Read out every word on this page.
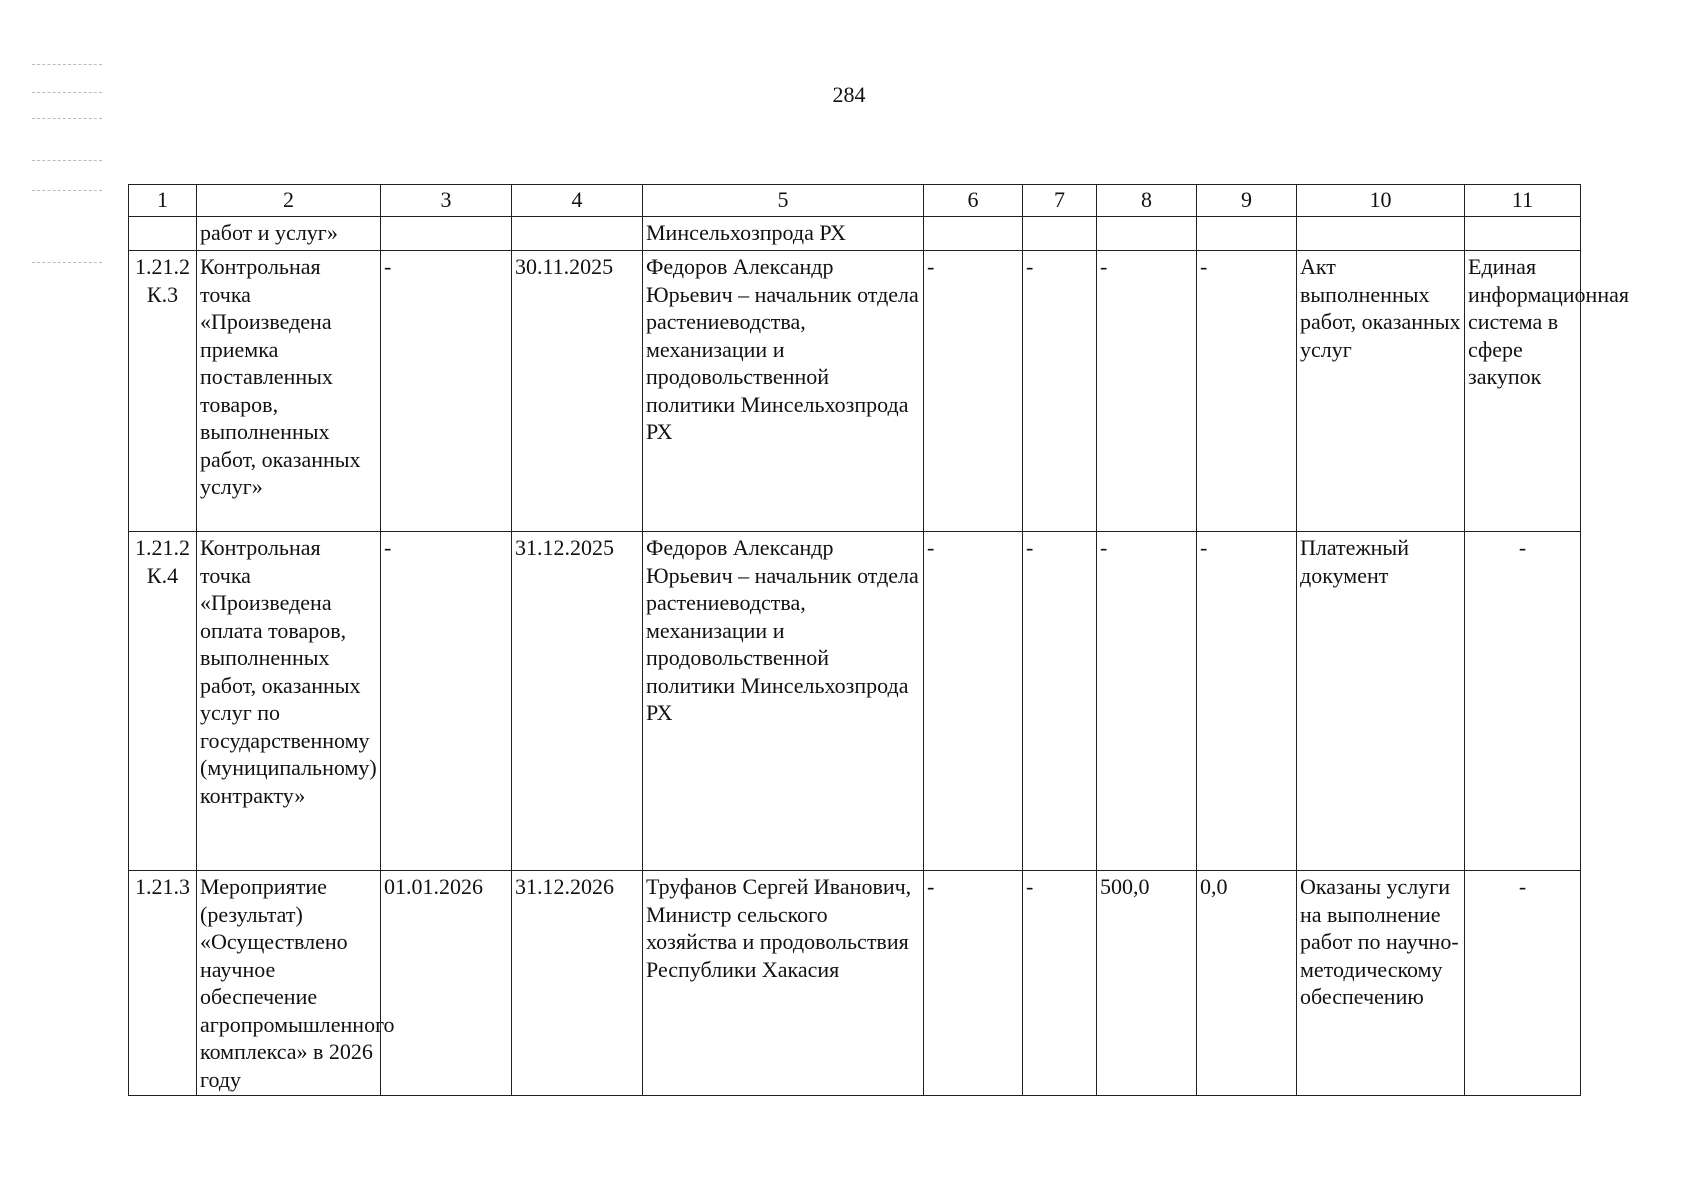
284
1	2	3	4	5	6	7	8	9	10	11
	работ и услуг»			Минсельхозпрода РХ						
1.21.2 К.3	Контрольная точка «Произведена приемка поставленных товаров, выполненных работ, оказанных услуг»	-	30.11.2025	Федоров Александр Юрьевич – начальник отдела растениеводства, механизации и продовольственной политики Минсельхозпрода РХ	-	-	-	-	Акт выполненных работ, оказанных услуг	Единая информационная система в сфере закупок
1.21.2 К.4	Контрольная точка «Произведена оплата товаров, выполненных работ, оказанных услуг по государственному (муниципальному) контракту»	-	31.12.2025	Федоров Александр Юрьевич – начальник отдела растениеводства, механизации и продовольственной политики Минсельхозпрода РХ	-	-	-	-	Платежный документ	-
1.21.3	Мероприятие (результат) «Осуществлено научное обеспечение агропромышленного комплекса» в 2026 году	01.01.2026	31.12.2026	Труфанов Сергей Иванович, Министр сельского хозяйства и продовольствия Республики Хакасия	-	-	500,0	0,0	Оказаны услуги на выполнение работ по научно-методическому обеспечению	-
